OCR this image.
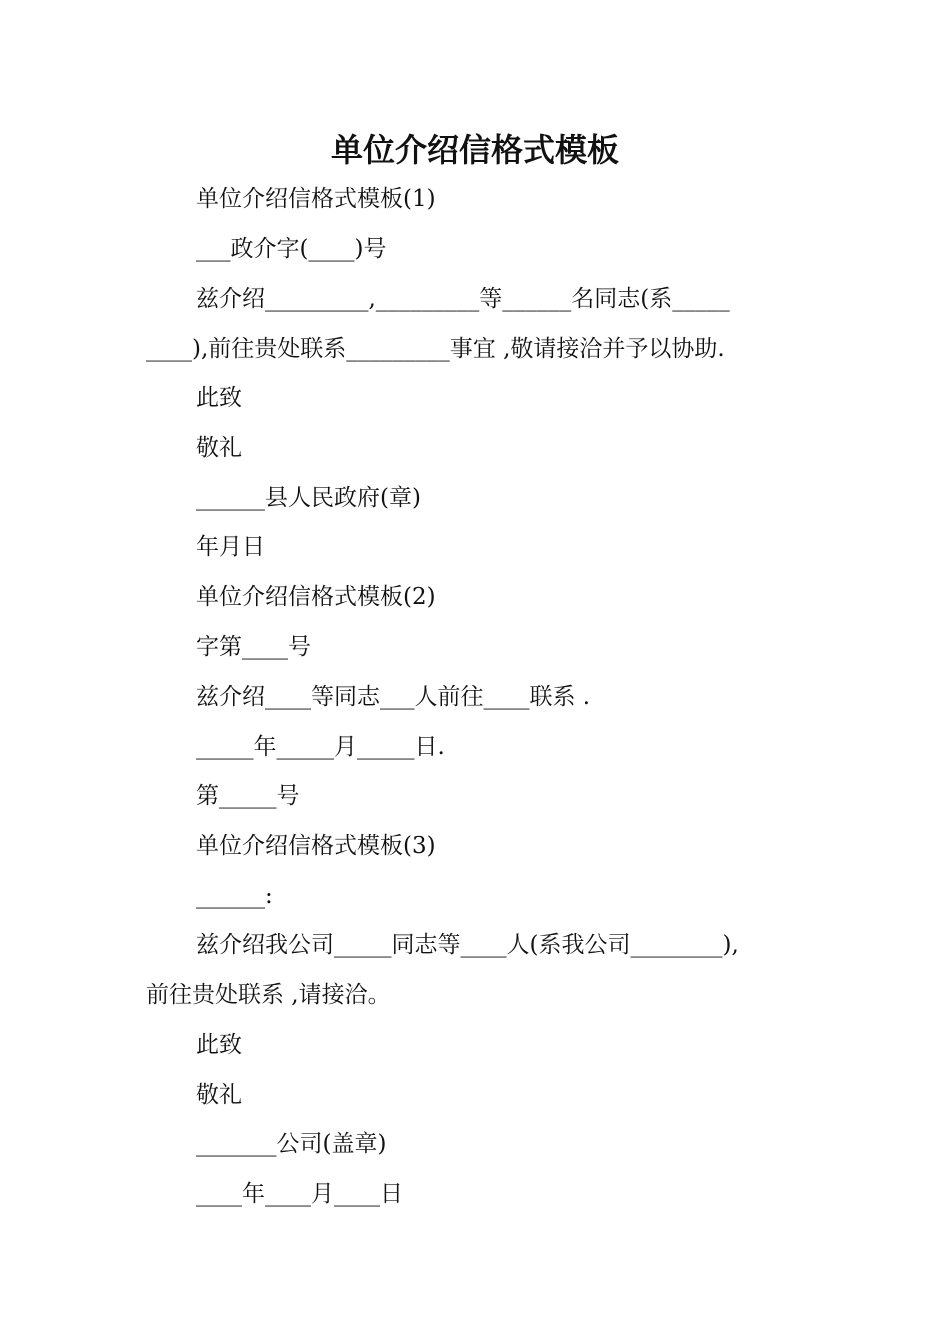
单位介绍信格式模板

单位介绍信格式模板(1)

___政介字(____)号

兹介绍_________,_________等______名同志(系_____

____),前往贵处联系_________事宜 ,敬请接洽并予以协助.

此致

敬礼

______县人民政府(章)

年月日

单位介绍信格式模板(2)

字第____号

兹介绍____等同志___人前往____联系 .

_____年_____月_____日.

第_____号

单位介绍信格式模板(3)

______:

兹介绍我公司_____同志等____人(系我公司________),

前往贵处联系 ,请接洽。

此致

敬礼

_______公司(盖章)

____年____月____日
